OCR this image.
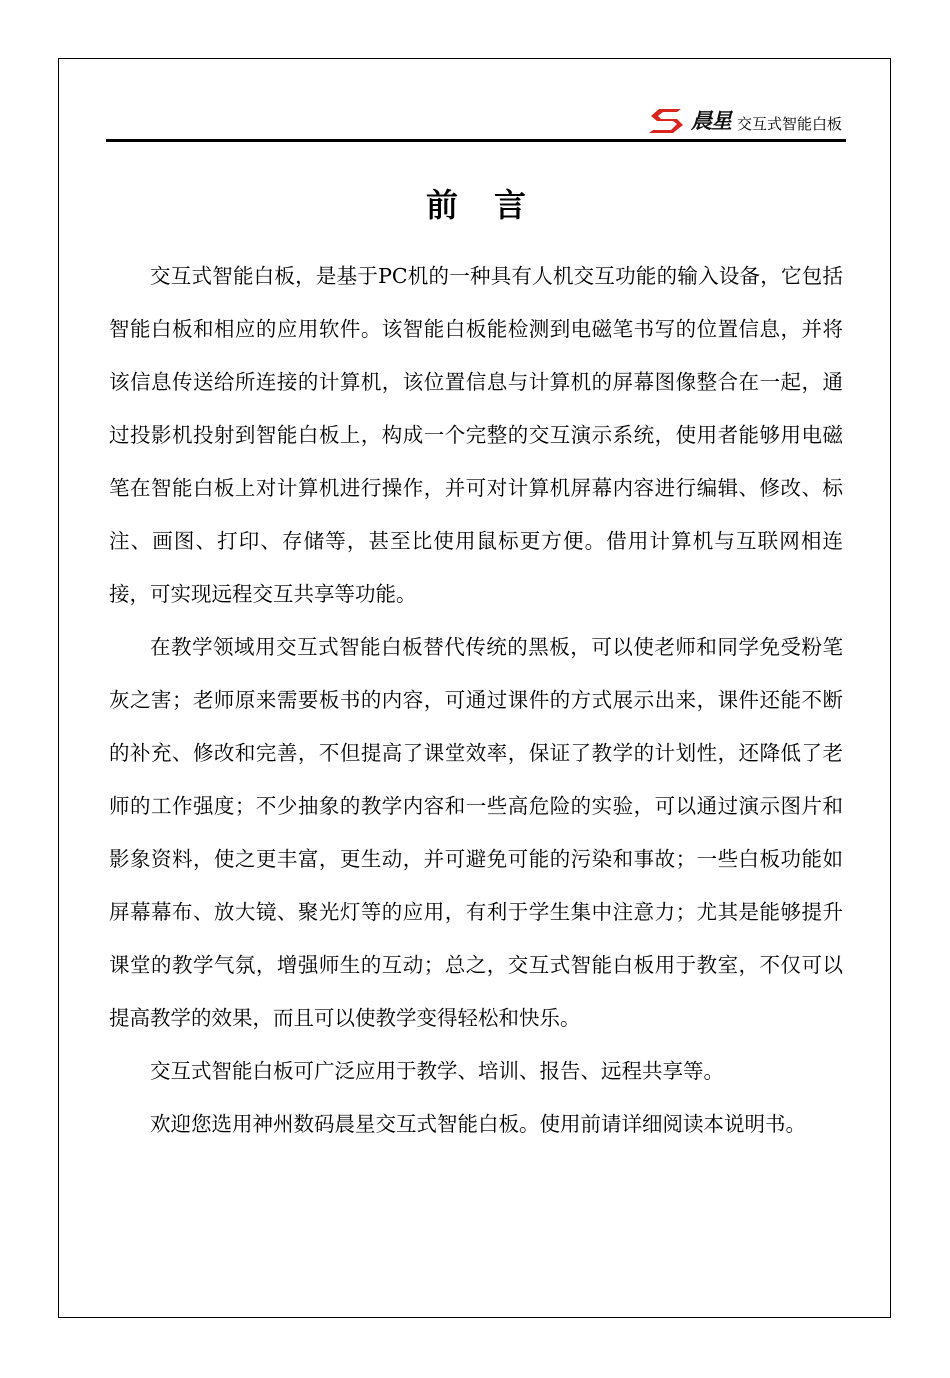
晨星 交互式智能白板
前言

交互式智能白板，是基于PC机的一种具有人机交互功能的输入设备，它包括智能白板和相应的应用软件。该智能白板能检测到电磁笔书写的位置信息，并将该信息传送给所连接的计算机，该位置信息与计算机的屏幕图像整合在一起，通过投影机投射到智能白板上，构成一个完整的交互演示系统，使用者能够用电磁笔在智能白板上对计算机进行操作，并可对计算机屏幕内容进行编辑、修改、标注、画图、打印、存储等，甚至比使用鼠标更方便。借用计算机与互联网相连接，可实现远程交互共享等功能。

在教学领域用交互式智能白板替代传统的黑板，可以使老师和同学免受粉笔灰之害；老师原来需要板书的内容，可通过课件的方式展示出来，课件还能不断的补充、修改和完善，不但提高了课堂效率，保证了教学的计划性，还降低了老师的工作强度；不少抽象的教学内容和一些高危险的实验，可以通过演示图片和影象资料，使之更丰富，更生动，并可避免可能的污染和事故；一些白板功能如屏幕幕布、放大镜、聚光灯等的应用，有利于学生集中注意力；尤其是能够提升课堂的教学气氛，增强师生的互动；总之，交互式智能白板用于教室，不仅可以提高教学的效果，而且可以使教学变得轻松和快乐。

交互式智能白板可广泛应用于教学、培训、报告、远程共享等。

欢迎您选用神州数码晨星交互式智能白板。使用前请详细阅读本说明书。
